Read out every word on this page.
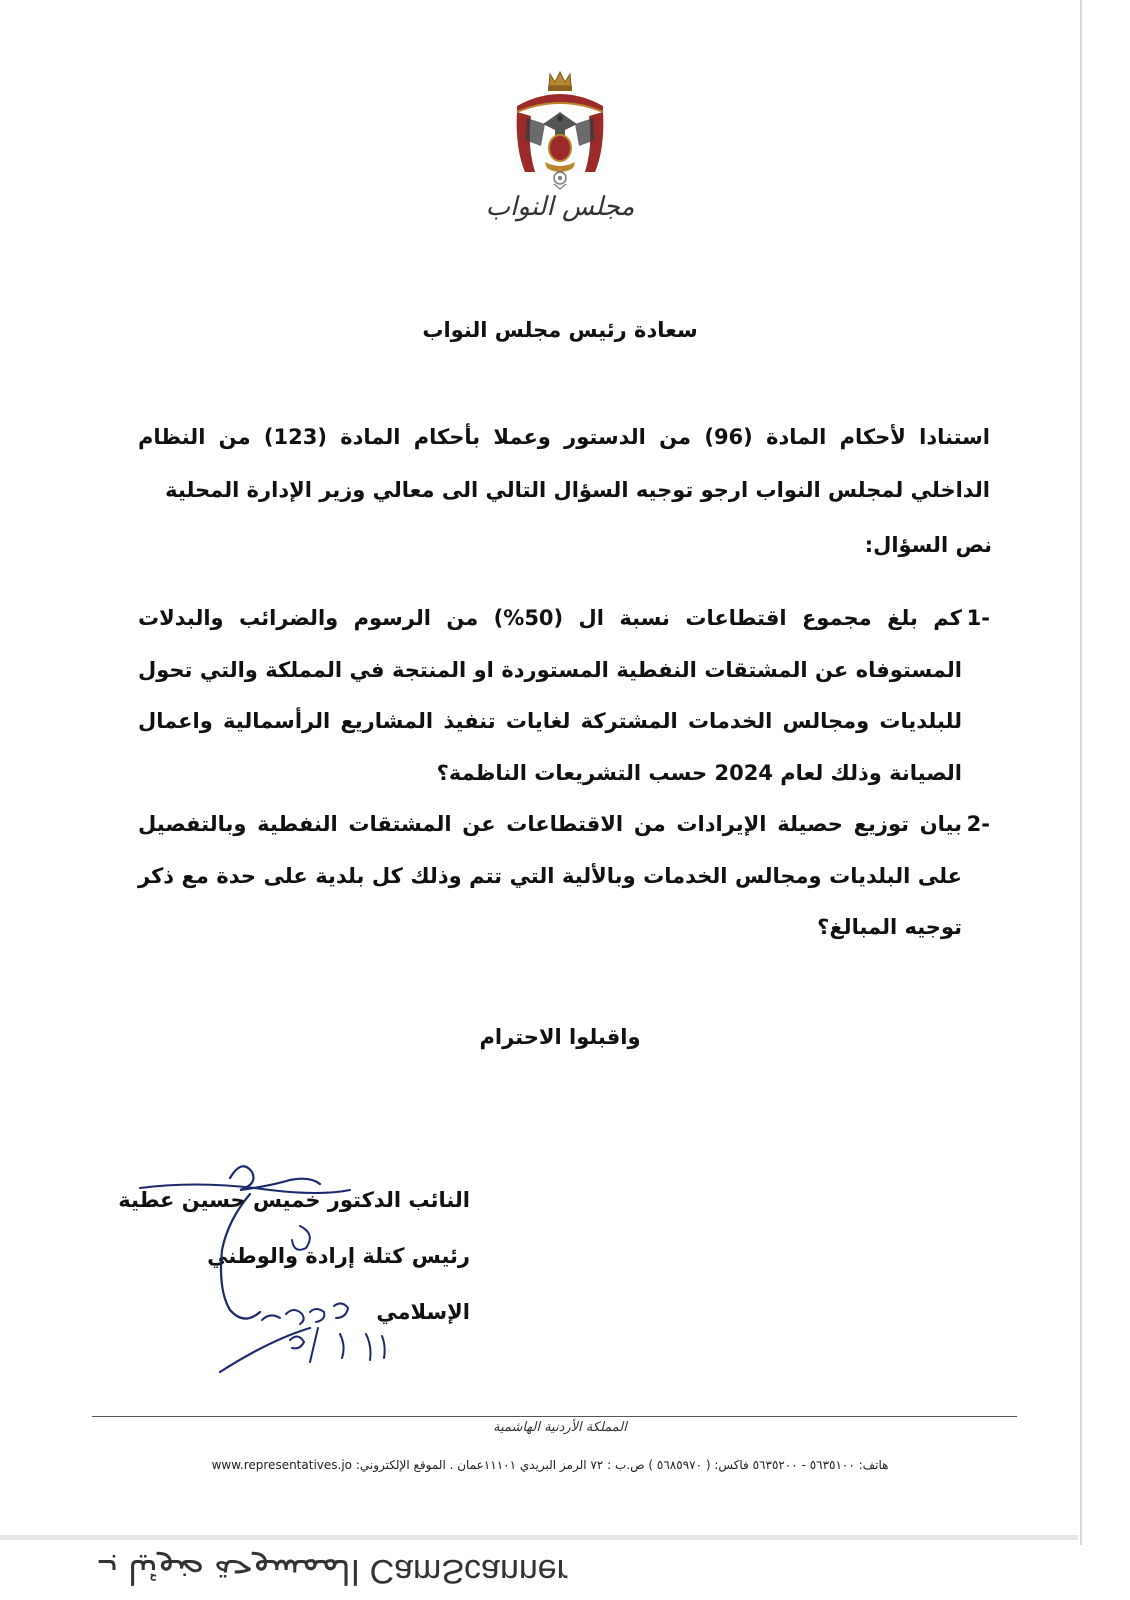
مجلس النواب
سعادة رئيس مجلس النواب

استنادا لأحكام المادة (96) من الدستور وعملا بأحكام المادة (123) من النظام الداخلي لمجلس النواب ارجو توجيه السؤال التالي الى معالي وزير الإدارة المحلية

نص السؤال:
1-
كم بلغ مجموع اقتطاعات نسبة ال (50%) من الرسوم والضرائب والبدلات المستوفاه عن المشتقات النفطية المستوردة او المنتجة في المملكة والتي تحول للبلديات ومجالس الخدمات المشتركة لغايات تنفيذ المشاريع الرأسمالية واعمال الصيانة وذلك لعام 2024 حسب التشريعات الناظمة؟
2-
بيان توزيع حصيلة الإيرادات من الاقتطاعات عن المشتقات النفطية وبالتفصيل على البلديات ومجالس الخدمات وبالألية التي تتم وذلك كل بلدية على حدة مع ذكر توجيه المبالغ؟
واقبلوا الاحترام
النائب الدكتور خميس حسين عطية
رئيس كتلة إرادة والوطني الإسلامي
المملكة الأردنية الهاشمية
هاتف: ٥٦٣٥١٠٠ - ٥٦٣٥٢٠٠ فاكس: ( ٥٦٨٥٩٧٠ ) ص.ب : ٧٢ الرمز البريدي ١١١٠١عمان . الموقع الإلكتروني: www.representatives.jo
CamScanner الممسوحة ضوئيا بـ
